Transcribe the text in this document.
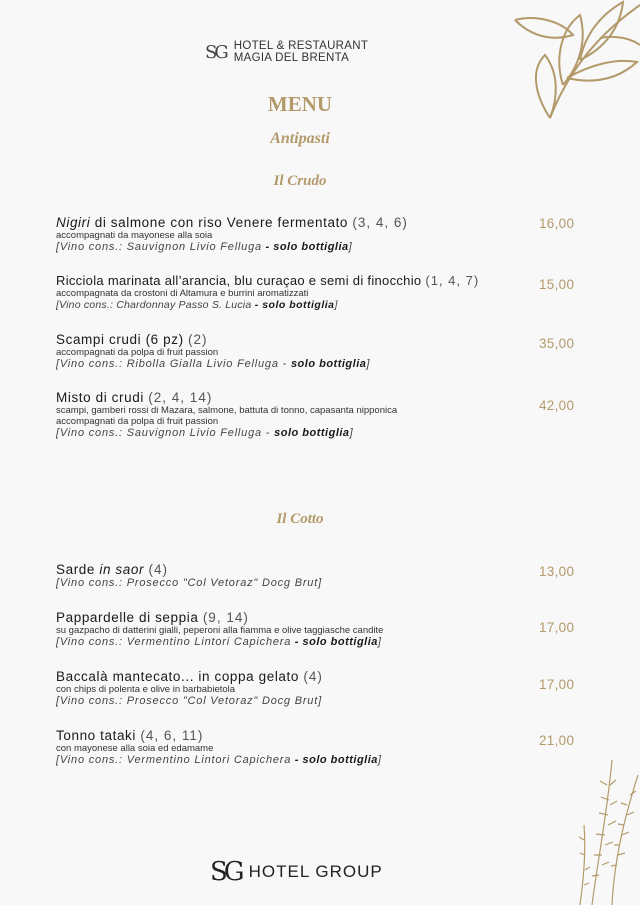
SG HOTEL & RESTAURANT
MAGIA DEL BRENTA
MENU
Antipasti
Il Crudo
Il Cotto
Nigiri di salmone con riso Venere fermentato (3, 4, 6)
accompagnati da mayonese alla soia
[Vino cons.: Sauvignon Livio Felluga - solo bottiglia]
16,00
Ricciola marinata all’arancia, blu curaçao e semi di finocchio (1, 4, 7)
accompagnata da crostoni di Altamura e burrini aromatizzati
[Vino cons.: Chardonnay Passo S. Lucia - solo bottiglia]
15,00
Scampi crudi (6 pz) (2)
accompagnati da polpa di fruit passion
[Vino cons.: Ribolla Gialla Livio Felluga - solo bottiglia]
35,00
Misto di crudi (2, 4, 14)
scampi, gamberi rossi di Mazara, salmone, battuta di tonno, capasanta nipponica
accompagnati da polpa di fruit passion
[Vino cons.: Sauvignon Livio Felluga - solo bottiglia]
42,00
Sarde in saor (4)
[Vino cons.: Prosecco "Col Vetoraz" Docg Brut]
13,00
Pappardelle di seppia (9, 14)
su gazpacho di datterini gialli, peperoni alla fiamma e olive taggiasche candite
[Vino cons.: Vermentino Lintori Capichera - solo bottiglia]
17,00
Baccalà mantecato... in coppa gelato (4)
con chips di polenta e olive in barbabietola
[Vino cons.: Prosecco "Col Vetoraz" Docg Brut]
17,00
Tonno tataki (4, 6, 11)
con mayonese alla soia ed edamame
[Vino cons.: Vermentino Lintori Capichera - solo bottiglia]
21,00
SG HOTEL GROUP
